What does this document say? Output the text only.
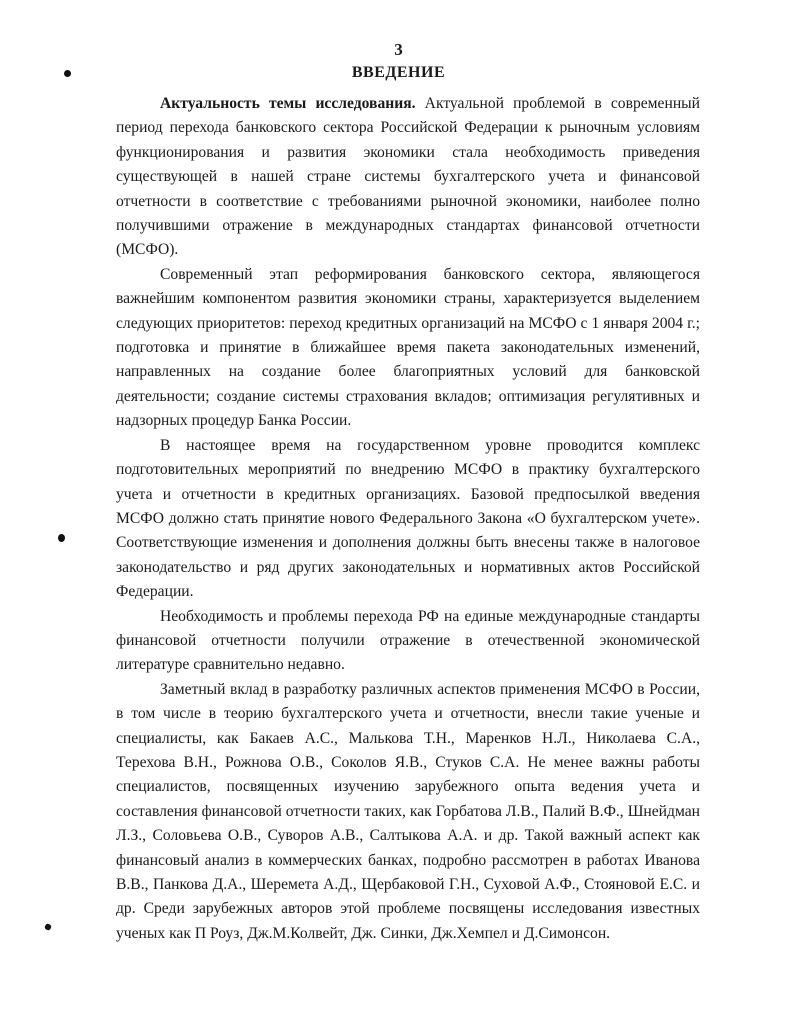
3
ВВЕДЕНИЕ

Актуальность темы исследования. Актуальной проблемой в современный период перехода банковского сектора Российской Федерации к рыночным условиям функционирования и развития экономики стала необходимость приведения существующей в нашей стране системы бухгалтерского учета и финансовой отчетности в соответствие с требованиями рыночной экономики, наиболее полно получившими отражение в международных стандартах финансовой отчетности (МСФО).

Современный этап реформирования банковского сектора, являющегося важнейшим компонентом развития экономики страны, характеризуется выделением следующих приоритетов: переход кредитных организаций на МСФО с 1 января 2004 г.; подготовка и принятие в ближайшее время пакета законодательных изменений, направленных на создание более благоприятных условий для банковской деятельности; создание системы страхования вкладов; оптимизация регулятивных и надзорных процедур Банка России.

В настоящее время на государственном уровне проводится комплекс подготовительных мероприятий по внедрению МСФО в практику бухгалтерского учета и отчетности в кредитных организациях. Базовой предпосылкой введения МСФО должно стать принятие нового Федерального Закона «О бухгалтерском учете». Соответствующие изменения и дополнения должны быть внесены также в налоговое законодательство и ряд других законодательных и нормативных актов Российской Федерации.

Необходимость и проблемы перехода РФ на единые международные стандарты финансовой отчетности получили отражение в отечественной экономической литературе сравнительно недавно.

Заметный вклад в разработку различных аспектов применения МСФО в России, в том числе в теорию бухгалтерского учета и отчетности, внесли такие ученые и специалисты, как Бакаев А.С., Малькова Т.Н., Маренков Н.Л., Николаева С.А., Терехова В.Н., Рожнова О.В., Соколов Я.В., Стуков С.А. Не менее важны работы специалистов, посвященных изучению зарубежного опыта ведения учета и составления финансовой отчетности таких, как Горбатова Л.В., Палий В.Ф., Шнейдман Л.З., Соловьева О.В., Суворов А.В., Салтыкова А.А. и др. Такой важный аспект как финансовый анализ в коммерческих банках, подробно рассмотрен в работах Иванова В.В., Панкова Д.А., Шеремета А.Д., Щербаковой Г.Н., Суховой А.Ф., Стояновой Е.С. и др. Среди зарубежных авторов этой проблеме посвящены исследования известных ученых как П Роуз, Дж.М.Колвейт, Дж. Синки, Дж.Хемпел и Д.Симонсон.
